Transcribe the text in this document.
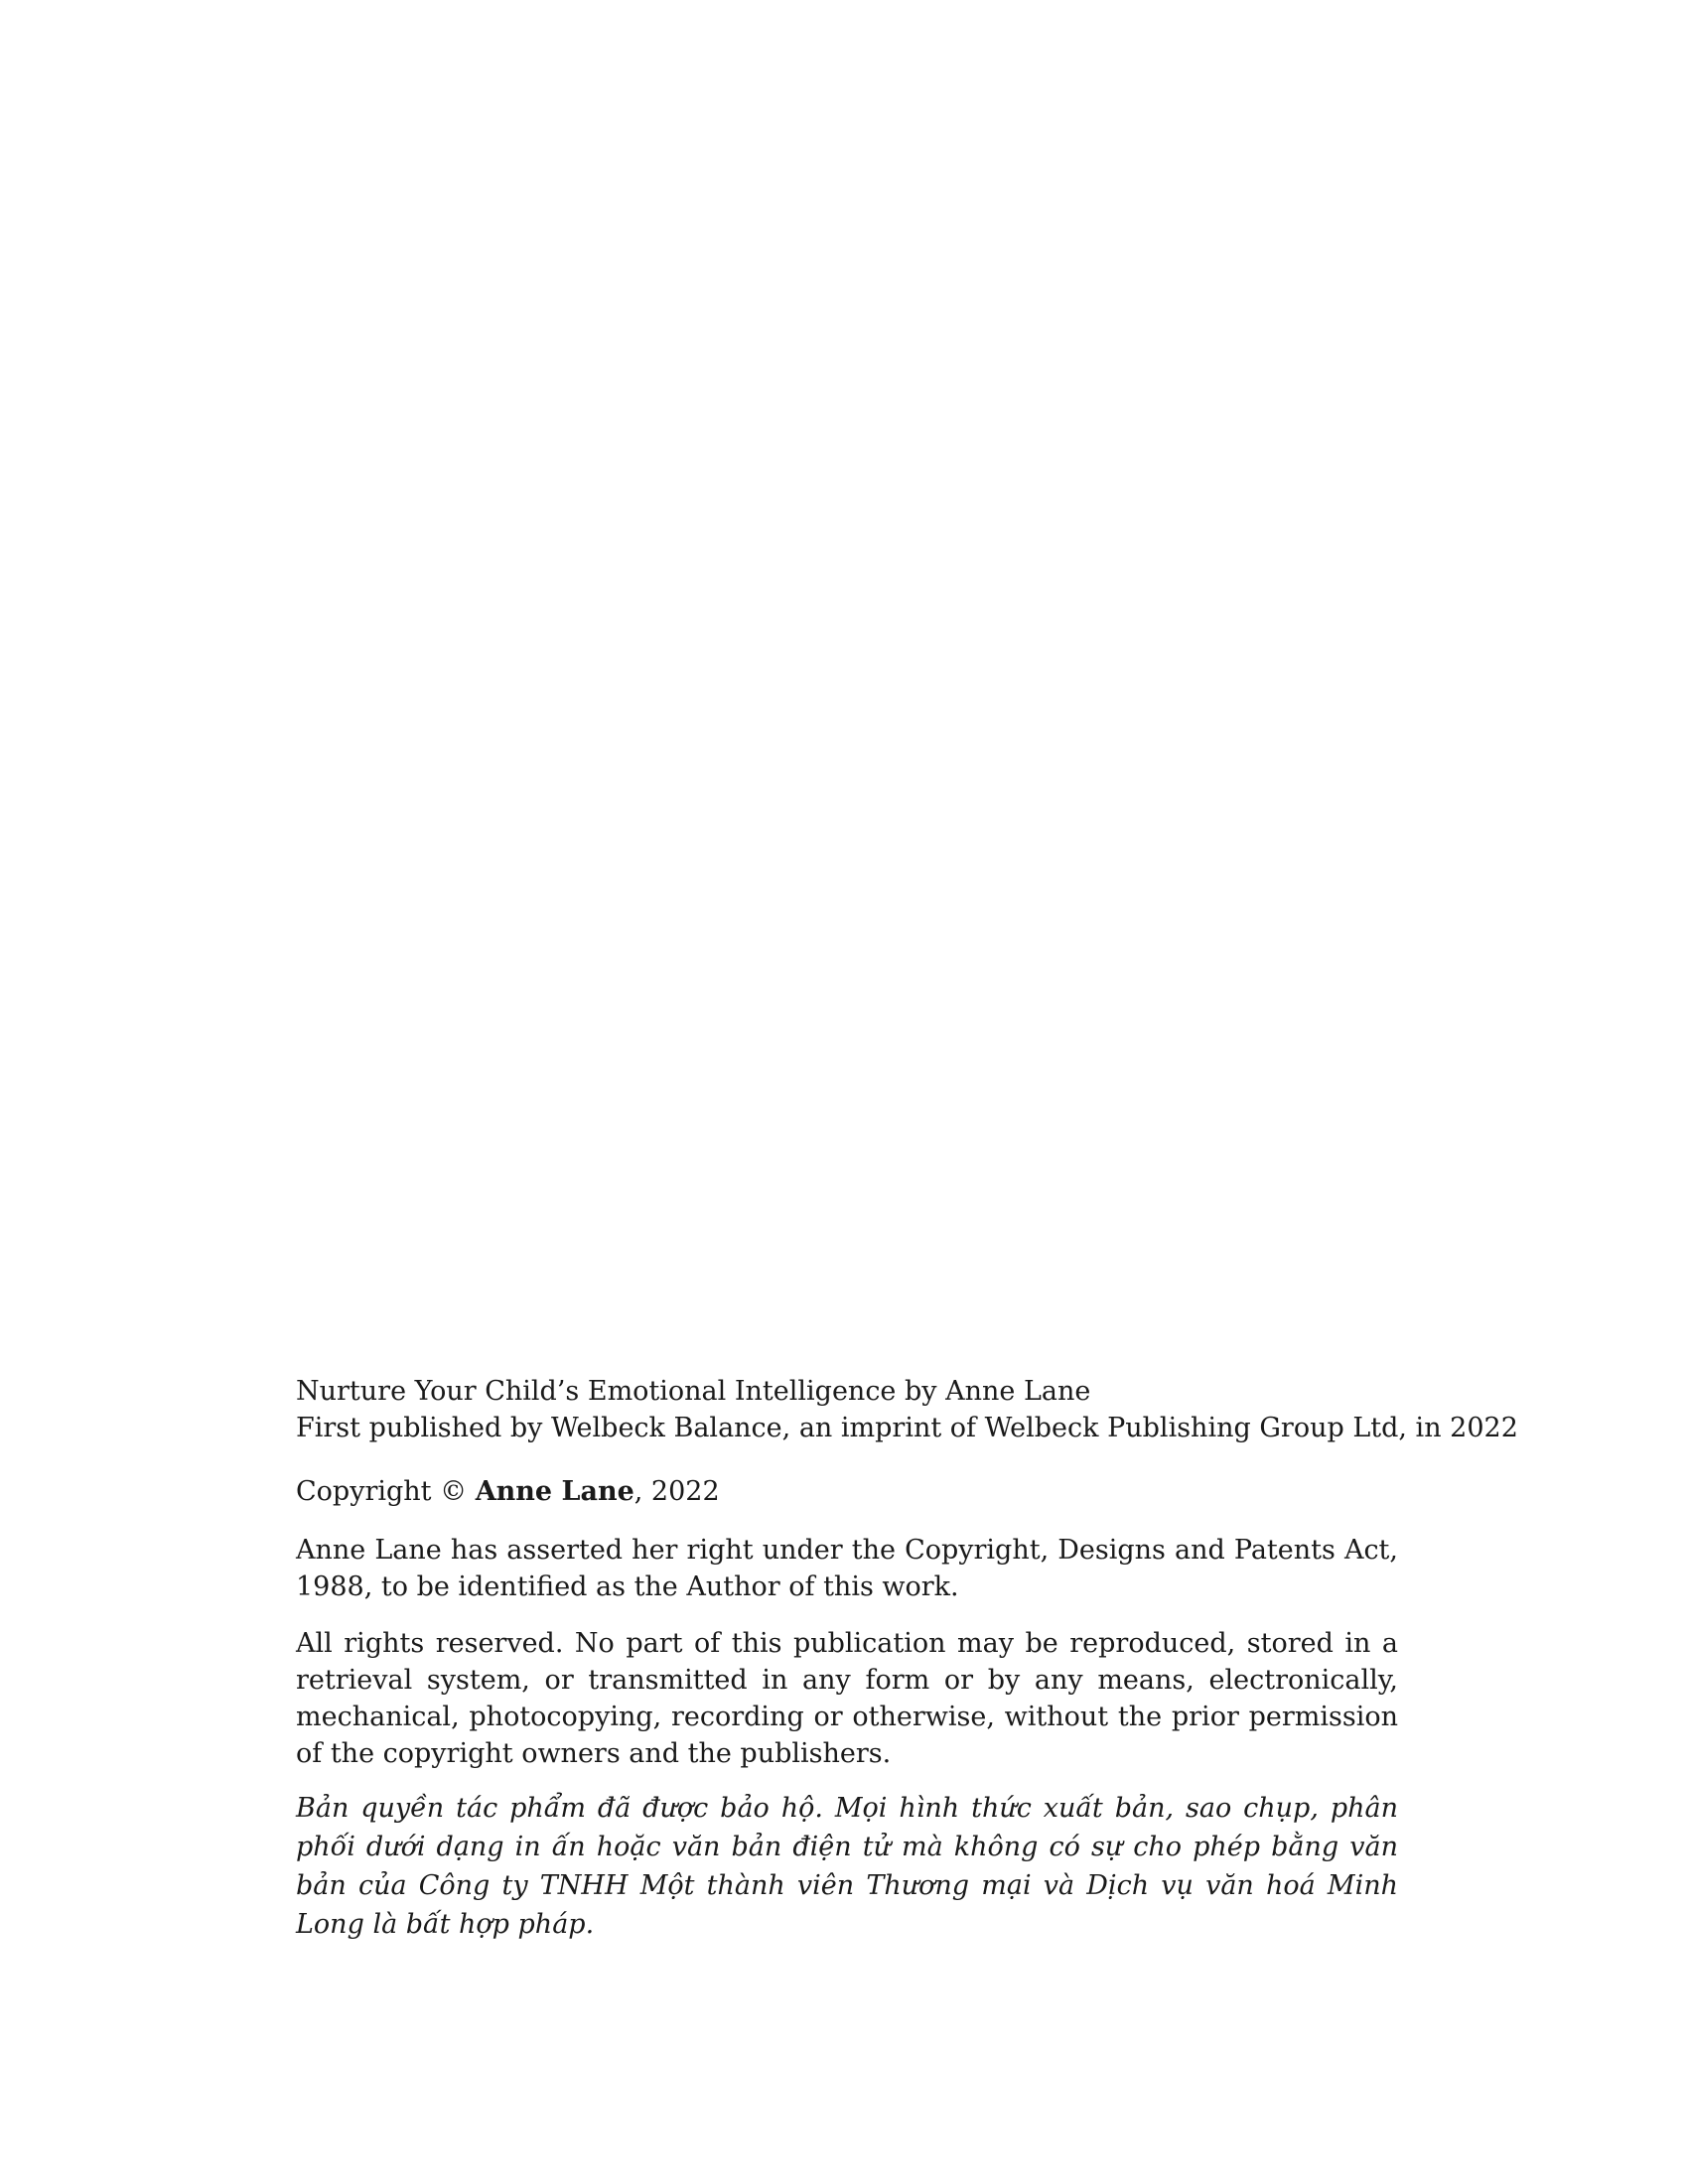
Nurture Your Child’s Emotional Intelligence by Anne Lane
First published by Welbeck Balance, an imprint of Welbeck Publishing Group Ltd, in 2022

Copyright © Anne Lane, 2022

Anne Lane has asserted her right under the Copyright, Designs and Patents Act, 1988, to be identified as the Author of this work.

All rights reserved. No part of this publication may be reproduced, stored in a retrieval system, or transmitted in any form or by any means, electronically, mechanical, photocopying, recording or otherwise, without the prior permission of the copyright owners and the publishers.

Bản quyền tác phẩm đã được bảo hộ. Mọi hình thức xuất bản, sao chụp, phân phối dưới dạng in ấn hoặc văn bản điện tử mà không có sự cho phép bằng văn bản của Công ty TNHH Một thành viên Thương mại và Dịch vụ văn hoá Minh Long là bất hợp pháp.
